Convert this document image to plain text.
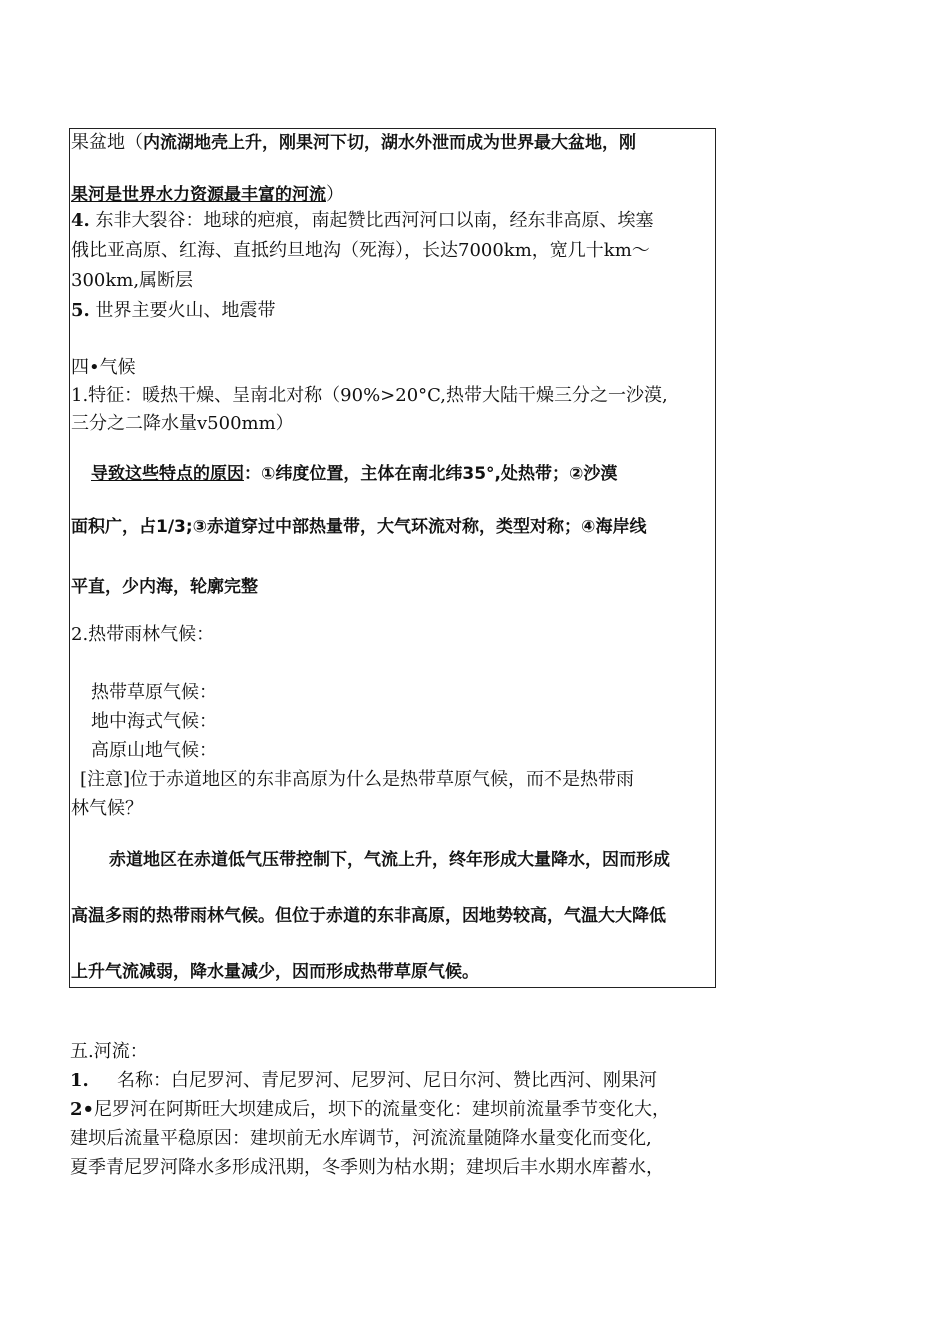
果盆地（内流湖地壳上升，刚果河下切，湖水外泄而成为世界最大盆地，刚
果河是世界水力资源最丰富的河流）
4. 东非大裂谷：地球的疤痕，南起赞比西河河口以南，经东非高原、埃塞
俄比亚高原、红海、直抵约旦地沟（死海），长达7000km，宽几十km〜
300km,属断层
5. 世界主要火山、地震带
四•气候
1.特征：暖热干燥、呈南北对称（90%>20°C,热带大陆干燥三分之一沙漠,
三分之二降水量v500mm）
导致这些特点的原因：①纬度位置，主体在南北纬35°,处热带；②沙漠
面积广，占1/3;③赤道穿过中部热量带，大气环流对称，类型对称；④海岸线
平直，少内海，轮廓完整
2.热带雨林气候：
热带草原气候：
地中海式气候：
高原山地气候：
[注意]位于赤道地区的东非高原为什么是热带草原气候，而不是热带雨
林气候？
赤道地区在赤道低气压带控制下，气流上升，终年形成大量降水，因而形成
高温多雨的热带雨林气候。但位于赤道的东非高原，因地势较高，气温大大降低
上升气流减弱，降水量减少，因而形成热带草原气候。
五.河流：
1. 名称：白尼罗河、青尼罗河、尼罗河、尼日尔河、赞比西河、刚果河
2•尼罗河在阿斯旺大坝建成后，坝下的流量变化：建坝前流量季节变化大，
建坝后流量平稳原因：建坝前无水库调节，河流流量随降水量变化而变化,
夏季青尼罗河降水多形成汛期，冬季则为枯水期；建坝后丰水期水库蓄水，
